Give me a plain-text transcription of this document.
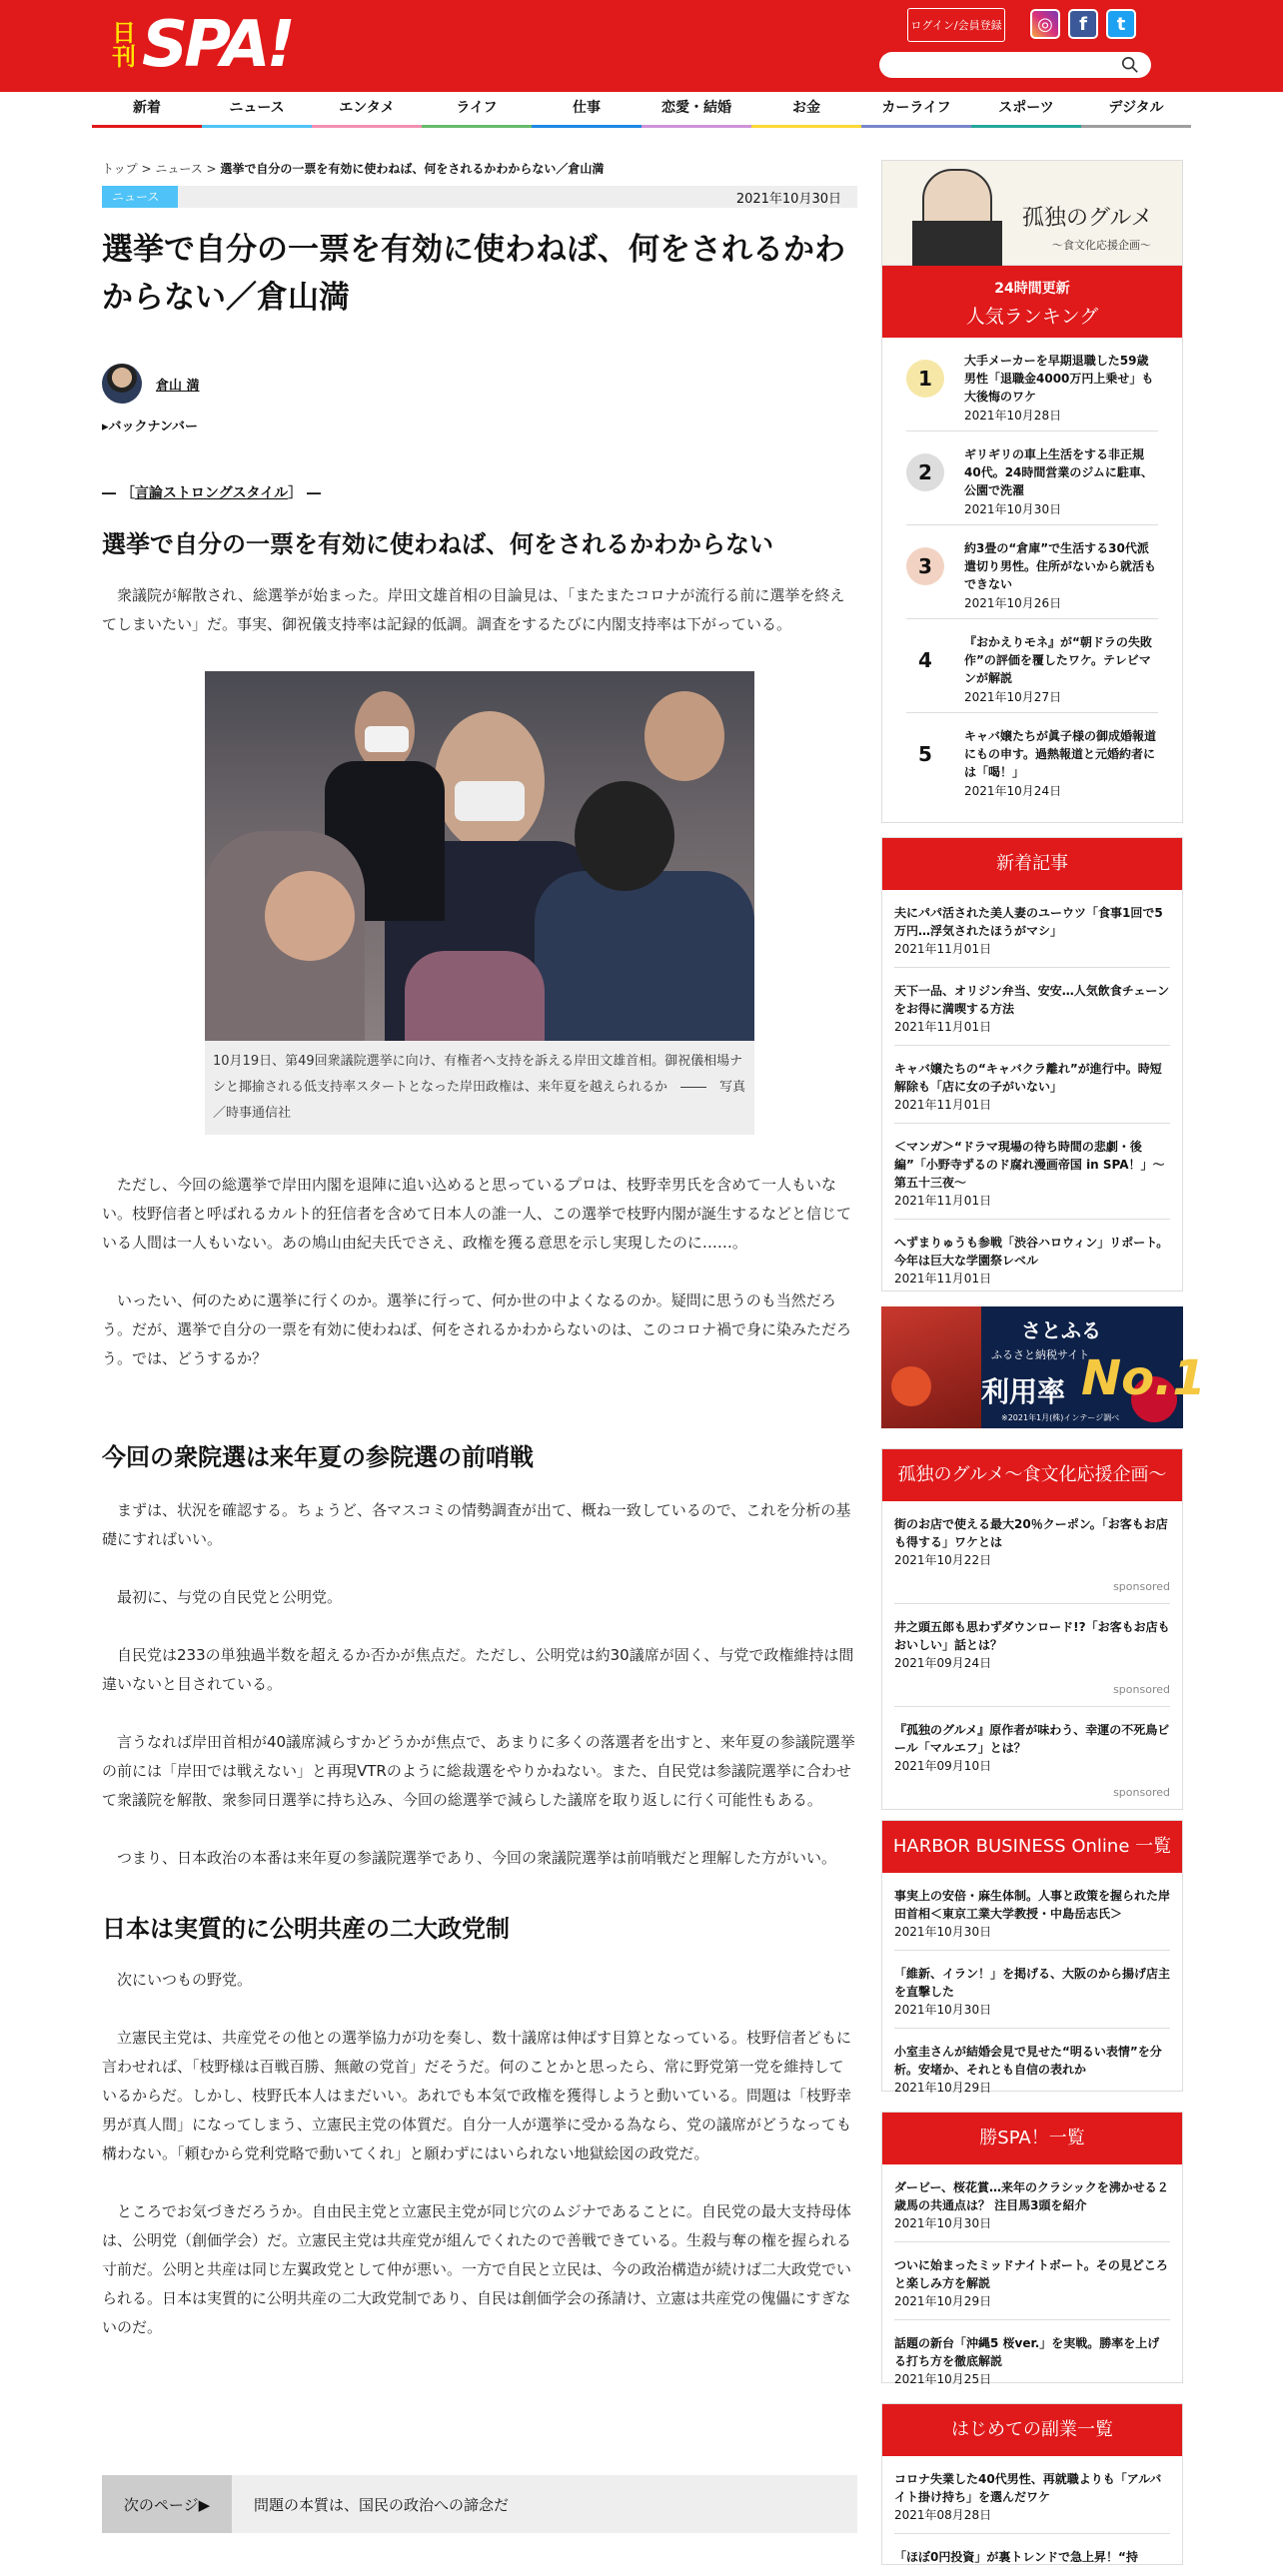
日刊 SPA!	ログイン/会員登録	◎	f	t
新着	ニュース	エンタメ	ライフ	仕事	恋愛・結婚	お金	カーライフ	スポーツ	デジタル
トップ > ニュース > 選挙で自分の一票を有効に使わねば、何をされるかわからない／倉山満
ニュース	2021年10月30日
選挙で自分の一票を有効に使わねば、何をされるかわからない／倉山満
倉山 満
▸バックナンバー
― ［言論ストロングスタイル］ ―
選挙で自分の一票を有効に使わねば、何をされるかわからない

衆議院が解散され、総選挙が始まった。岸田文雄首相の目論見は、「またまたコロナが流行る前に選挙を終えてしまいたい」だ。事実、御祝儀支持率は記録的低調。調査をするたびに内閣支持率は下がっている。

10月19日、第49回衆議院選挙に向け、有権者へ支持を訴える岸田文雄首相。御祝儀相場ナシと揶揄される低支持率スタートとなった岸田政権は、来年夏を越えられるか　――　写真／時事通信社

ただし、今回の総選挙で岸田内閣を退陣に追い込めると思っているプロは、枝野幸男氏を含めて一人もいない。枝野信者と呼ばれるカルト的狂信者を含めて日本人の誰一人、この選挙で枝野内閣が誕生するなどと信じている人間は一人もいない。あの鳩山由紀夫氏でさえ、政権を獲る意思を示し実現したのに……。

いったい、何のために選挙に行くのか。選挙に行って、何か世の中よくなるのか。疑問に思うのも当然だろう。だが、選挙で自分の一票を有効に使わねば、何をされるかわからないのは、このコロナ禍で身に染みただろう。では、どうするか？

今回の衆院選は来年夏の参院選の前哨戦

まずは、状況を確認する。ちょうど、各マスコミの情勢調査が出て、概ね一致しているので、これを分析の基礎にすればいい。

最初に、与党の自民党と公明党。

自民党は233の単独過半数を超えるか否かが焦点だ。ただし、公明党は約30議席が固く、与党で政権維持は間違いないと目されている。

言うなれば岸田首相が40議席減らすかどうかが焦点で、あまりに多くの落選者を出すと、来年夏の参議院選挙の前には「岸田では戦えない」と再現VTRのように総裁選をやりかねない。また、自民党は参議院選挙に合わせて衆議院を解散、衆参同日選挙に持ち込み、今回の総選挙で減らした議席を取り返しに行く可能性もある。

つまり、日本政治の本番は来年夏の参議院選挙であり、今回の衆議院選挙は前哨戦だと理解した方がいい。

日本は実質的に公明共産の二大政党制

次にいつもの野党。

立憲民主党は、共産党その他との選挙協力が功を奏し、数十議席は伸ばす目算となっている。枝野信者どもに言わせれば、「枝野様は百戦百勝、無敵の党首」だそうだ。何のことかと思ったら、常に野党第一党を維持しているからだ。しかし、枝野氏本人はまだいい。あれでも本気で政権を獲得しようと動いている。問題は「枝野幸男が真人間」になってしまう、立憲民主党の体質だ。自分一人が選挙に受かる為なら、党の議席がどうなっても構わない。「頼むから党利党略で動いてくれ」と願わずにはいられない地獄絵図の政党だ。

ところでお気づきだろうか。自由民主党と立憲民主党が同じ穴のムジナであることに。自民党の最大支持母体は、公明党（創価学会）だ。立憲民主党は共産党が組んでくれたので善戦できている。生殺与奪の権を握られる寸前だ。公明と共産は同じ左翼政党として仲が悪い。一方で自民と立民は、今の政治構造が続けば二大政党でいられる。日本は実質的に公明共産の二大政党制であり、自民は創価学会の孫請け、立憲は共産党の傀儡にすぎないのだ。

次のページ▶	問題の本質は、国民の政治への諦念だ
孤独のグルメ
～食文化応援企画～
24時間更新
人気ランキング
1
大手メーカーを早期退職した59歳男性「退職金4000万円上乗せ」も大後悔のワケ
2021年10月28日
2
ギリギリの車上生活をする非正規40代。24時間営業のジムに駐車、公園で洗濯
2021年10月30日
3
約3畳の“倉庫”で生活する30代派遣切り男性。住所がないから就活もできない
2021年10月26日
4
『おかえりモネ』が“朝ドラの失敗作”の評価を覆したワケ。テレビマンが解説
2021年10月27日
5
キャバ嬢たちが眞子様の御成婚報道にもの申す。過熱報道と元婚約者には「喝！」
2021年10月24日
新着記事
夫にパパ活された美人妻のユーウツ「食事1回で5万円…浮気されたほうがマシ」
2021年11月01日
天下一品、オリジン弁当、安安…人気飲食チェーンをお得に満喫する方法
2021年11月01日
キャバ嬢たちの“キャバクラ離れ”が進行中。時短解除も「店に女の子がいない」
2021年11月01日
＜マンガ＞“ドラマ現場の待ち時間の悲劇・後編”「小野寺ずるのド腐れ漫画帝国 in SPA！」～第五十三夜～
2021年11月01日
へずまりゅうも参戦「渋谷ハロウィン」リポート。今年は巨大な学園祭レベル
2021年11月01日
さとふる
ふるさと納税サイト
利用率 No.1
※2021年1月(株)インテージ調べ
孤独のグルメ～食文化応援企画～
街のお店で使える最大20％クーポン。「お客もお店も得する」ワケとは
2021年10月22日
sponsored
井之頭五郎も思わずダウンロード!?「お客もお店もおいしい」話とは？
2021年09月24日
sponsored
『孤独のグルメ』原作者が味わう、幸運の不死鳥ビール「マルエフ」とは？
2021年09月10日
sponsored
HARBOR BUSINESS Online 一覧
事実上の安倍・麻生体制。人事と政策を握られた岸田首相＜東京工業大学教授・中島岳志氏＞
2021年10月30日
「維新、イラン！」を掲げる、大阪のから揚げ店主を直撃した
2021年10月30日
小室圭さんが結婚会見で見せた“明るい表情”を分析。安堵か、それとも自信の表れか
2021年10月29日
勝SPA！一覧
ダービー、桜花賞…来年のクラシックを沸かせる２歳馬の共通点は？ 注目馬3頭を紹介
2021年10月30日
ついに始まったミッドナイトボート。その見どころと楽しみ方を解説
2021年10月29日
話題の新台「沖縄5 桜ver.」を実戦。勝率を上げる打ち方を徹底解説
2021年10月25日
はじめての副業一覧
コロナ失業した40代男性、再就職よりも「アルバイト掛け持ち」を選んだワケ
2021年08月28日
「ほぼ0円投資」が裏トレンドで急上昇！“持
